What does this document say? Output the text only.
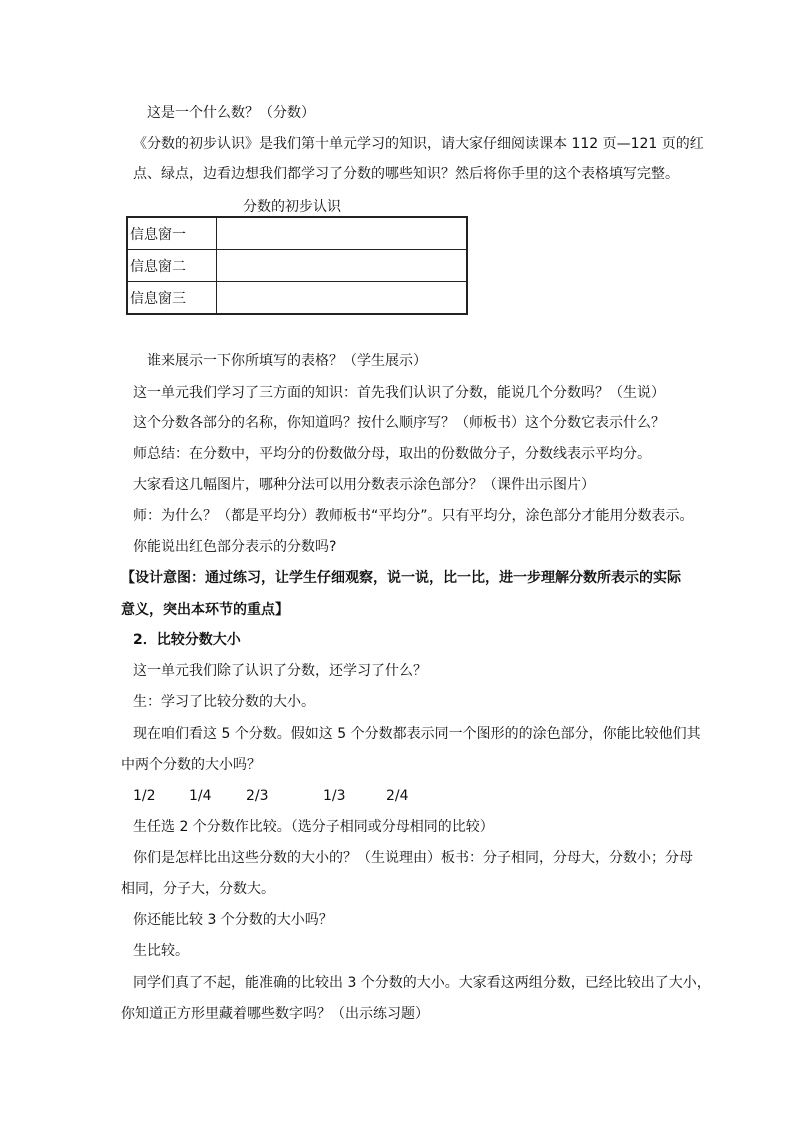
这是一个什么数？（分数）
《分数的初步认识》是我们第十单元学习的知识，请大家仔细阅读课本 112 页—121 页的红
点、绿点，边看边想我们都学习了分数的哪些知识？然后将你手里的这个表格填写完整。
分数的初步认识
信息窗一	
信息窗二	
信息窗三	
谁来展示一下你所填写的表格？（学生展示）
这一单元我们学习了三方面的知识：首先我们认识了分数，能说几个分数吗？（生说）
这个分数各部分的名称，你知道吗？按什么顺序写？（师板书）这个分数它表示什么？
师总结：在分数中，平均分的份数做分母，取出的份数做分子，分数线表示平均分。
大家看这几幅图片，哪种分法可以用分数表示涂色部分？（课件出示图片）
师：为什么？（都是平均分）教师板书“平均分”。只有平均分，涂色部分才能用分数表示。
你能说出红色部分表示的分数吗?
【设计意图：通过练习，让学生仔细观察，说一说，比一比，进一步理解分数所表示的实际
意义，突出本环节的重点】
2．比较分数大小
这一单元我们除了认识了分数，还学习了什么？
生：学习了比较分数的大小。
现在咱们看这 5 个分数。假如这 5 个分数都表示同一个图形的的涂色部分，你能比较他们其
中两个分数的大小吗？
1/2 1/4 2/3	1/3	2/4
生任选 2 个分数作比较。（选分子相同或分母相同的比较）
你们是怎样比出这些分数的大小的？（生说理由）板书：分子相同，分母大，分数小；分母
相同，分子大，分数大。
你还能比较 3 个分数的大小吗？
生比较。
同学们真了不起，能准确的比较出 3 个分数的大小。大家看这两组分数，已经比较出了大小，
你知道正方形里藏着哪些数字吗？（出示练习题）
